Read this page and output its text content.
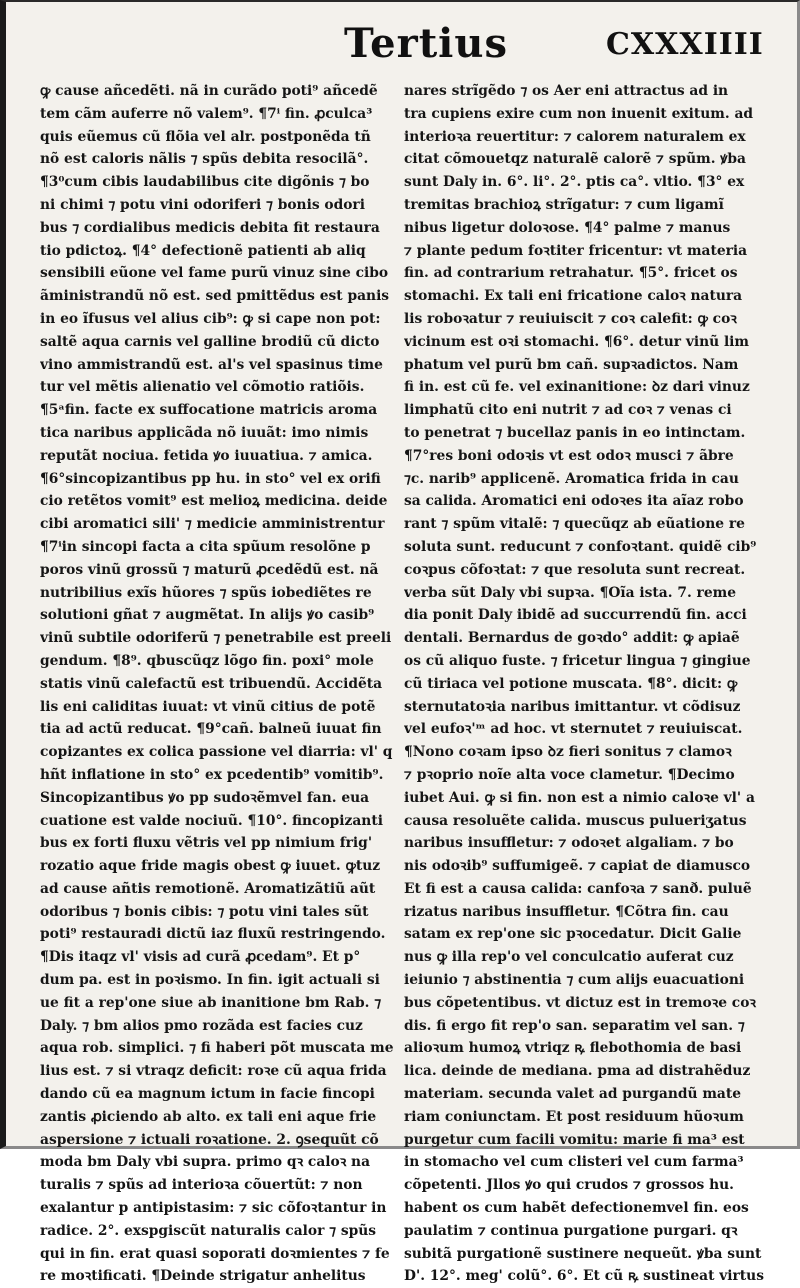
Tertius	CXXXIIII
ꝙ cause añcedẽti. nã in curãdo poti⁹ añcedẽ
tem cãm auferre nõ valem⁹. ¶7ⁱ fin. ꝓculca³
quis eũemus cũ flõia vel alr. postponẽda tñ
nõ est caloris nãlis ⁊ spũs debita resocilã°.
¶3⁰cum cibis laudabilibus cite digõnis ⁊ bo
ni chimi ⁊ potu vini odoriferi ⁊ bonis odori
bus ⁊ cordialibus medicis debita fit restaura
tio pdictoꝝ. ¶4° defectionẽ patienti ab aliq
sensibili eũone vel fame purũ vinuz sine cibo
ãministrandũ nõ est. sed pmittẽdus est panis
in eo ĩfusus vel alius cib⁹: ꝙ si cape non pot:
saltẽ aqua carnis vel galline brodiũ cũ dicto
vino ammistrandũ est. al's vel spasinus time
tur vel mẽtis alienatio vel cõmotio ratiõis.
¶5ᵃfin. facte ex suffocatione matricis aroma
tica naribus applicãda nõ iuuãt: imo nimis
reputãt nociua. fetida ꝟo iuuatiua. ⁊ amica.
¶6°sincopizantibus pp hu. in sto° vel ex orifi
cio retẽtos vomit⁹ est melioꝝ medicina. deide
cibi aromatici sili' ⁊ medicie amministrentur
¶7ⁱin sincopi facta a cita spũum resolõne p
poros vinũ grossũ ⁊ maturũ ꝓcedẽdũ est. nã
nutribilius exĩs hũores ⁊ spũs iobediẽtes re
solutioni gñat ⁊ augmẽtat. In alijs ꝟo casib⁹
vinũ subtile odoriferũ ⁊ penetrabile est preeli
gendum. ¶8⁹. qbuscũqz lõgo fin. poxi° mole
statis vinũ calefactũ est tribuendũ. Accidẽta
lis eni caliditas iuuat: vt vinũ citius de potẽ
tia ad actũ reducat. ¶9°cañ. balneũ iuuat fin
copizantes ex colica passione vel diarria: vl' q
hñt inflatione in sto° ex pcedentib⁹ vomitib⁹.
Sincopizantibus ꝟo pp sudoꝛẽmvel fan. eua
cuatione est valde nociuũ. ¶10°. fincopizanti
bus ex forti fluxu vẽtris vel pp nimium frig'
rozatio aque fride magis obest ꝙ iuuet. ꝙtuz
ad cause añtis remotionẽ. Aromatizãtiũ aũt
odoribus ⁊ bonis cibis: ⁊ potu vini tales sũt
poti⁹ restauradi dictũ iaz fluxũ restringendo.
¶Dis itaqz vl' visis ad curã ꝓcedam⁹. Et p°
dum pa. est in poꝛismo. In fin. igit actuali si
ue fit a rep'one siue ab inanitione bm Rab. ⁊
Daly. ⁊ bm alios pmo rozãda est facies cuz
aqua rob. simplici. ⁊ fi haberi põt muscata me
lius est. ⁊ si vtraqz deficit: roꝛe cũ aqua frida
dando cũ ea magnum ictum in facie fincopi
zantis ꝓiciendo ab alto. ex tali eni aque frie
aspersione ⁊ ictuali roꝛatione. 2. ꝯsequũt cõ
moda bm Daly vbi supra. primo qꝛ caloꝛ na
turalis ⁊ spũs ad interioꝛa cõuertũt: ⁊ non
exalantur p antipistasim: ⁊ sic cõfoꝛtantur in
radice. 2°. exspgiscũt naturalis calor ⁊ spũs
qui in fin. erat quasi soporati doꝛmientes ⁊ fe
re moꝛtificati. ¶Deinde strigatur anhelitus
nares strĩgẽdo ⁊ os Aer eni attractus ad in
tra cupiens exire cum non inuenit exitum. ad
interioꝛa reuertitur: ⁊ calorem naturalem ex
citat cõmouetqz naturalẽ calorẽ ⁊ spũm. ꝟba
sunt Daly in. 6°. li°. 2°. ptis ca°. vltio. ¶3° ex
tremitas brachioꝝ strĩgatur: ⁊ cum ligamĩ
nibus ligetur doloꝛose. ¶4° palme ⁊ manus
⁊ plante pedum foꝛtiter fricentur: vt materia
fin. ad contrarium retrahatur. ¶5°. fricet os
stomachi. Ex tali eni fricatione caloꝛ natura
lis roboꝛatur ⁊ reuiuiscit ⁊ coꝛ calefit: ꝙ coꝛ
vicinum est oꝛi stomachi. ¶6°. detur vinũ lim
phatum vel purũ bm cañ. supꝛadictos. Nam
fi in. est cũ fe. vel exinanitione: ꝺz dari vinuz
limphatũ cito eni nutrit ⁊ ad coꝛ ⁊ venas ci
to penetrat ⁊ bucellaz panis in eo intinctam.
¶7°res boni odoꝛis vt est odoꝛ musci ⁊ ãbre
⁊c. narib⁹ applicenẽ. Aromatica frida in cau
sa calida. Aromatici eni odoꝛes ita aĩaz robo
rant ⁊ spũm vitalẽ: ⁊ quecũqz ab eũatione re
soluta sunt. reducunt ⁊ confoꝛtant. quidẽ cib⁹
coꝛpus cõfoꝛtat: ⁊ que resoluta sunt recreat.
verba sũt Daly vbi supꝛa. ¶Oĩa ista. 7. reme
dia ponit Daly ibidẽ ad succurrendũ fin. acci
dentali. Bernardus de goꝛdo° addit: ꝙ apiaẽ
os cũ aliquo fuste. ⁊ fricetur lingua ⁊ gingiue
cũ tiriaca vel potione muscata. ¶8°. dicit: ꝙ
sternutatoꝛia naribus imittantur. vt cõdisuz
vel eufoꝛ'ᵐ ad hoc. vt sternutet ⁊ reuiuiscat.
¶Nono coꝛam ipso ꝺz fieri sonitus ⁊ clamoꝛ
⁊ pꝛoprio noĩe alta voce clametur. ¶Decimo
iubet Aui. ꝙ si fin. non est a nimio caloꝛe vl' a
causa resoluẽte calida. muscus pulueriʒatus
naribus insuffletur: ⁊ odoꝛet algaliam. ⁊ bo
nis odoꝛib⁹ suffumigeẽ. ⁊ capiat de diamusco
Et fi est a causa calida: canfoꝛa ⁊ sanð. puluẽ
rizatus naribus insuffletur. ¶Cõtra fin. cau
satam ex rep'one sic pꝛocedatur. Dicit Galie
nus ꝙ illa rep'o vel conculcatio auferat cuz
ieiunio ⁊ abstinentia ⁊ cum alijs euacuationi
bus cõpetentibus. vt dictuz est in tremoꝛe coꝛ
dis. fi ergo fit rep'o san. separatim vel san. ⁊
alioꝛum humoꝝ vtriqz ꝶ flebothomia de basi
lica. deinde de mediana. pma ad distrahẽduz
materiam. secunda valet ad purgandũ mate
riam coniunctam. Et post residuum hũoꝛum
purgetur cum facili vomitu: marie fi ma³ est
in stomacho vel cum clisteri vel cum farma³
cõpetenti. Jllos ꝟo qui crudos ⁊ grossos hu.
habent os cum habẽt defectionemvel fin. eos
paulatim ⁊ continua purgatione purgari. qꝛ
subitã purgationẽ sustinere nequeũt. ꝟba sunt
D'. 12°. meg' colũ°. 6°. Et cũ ꝶ sustineat virtus
